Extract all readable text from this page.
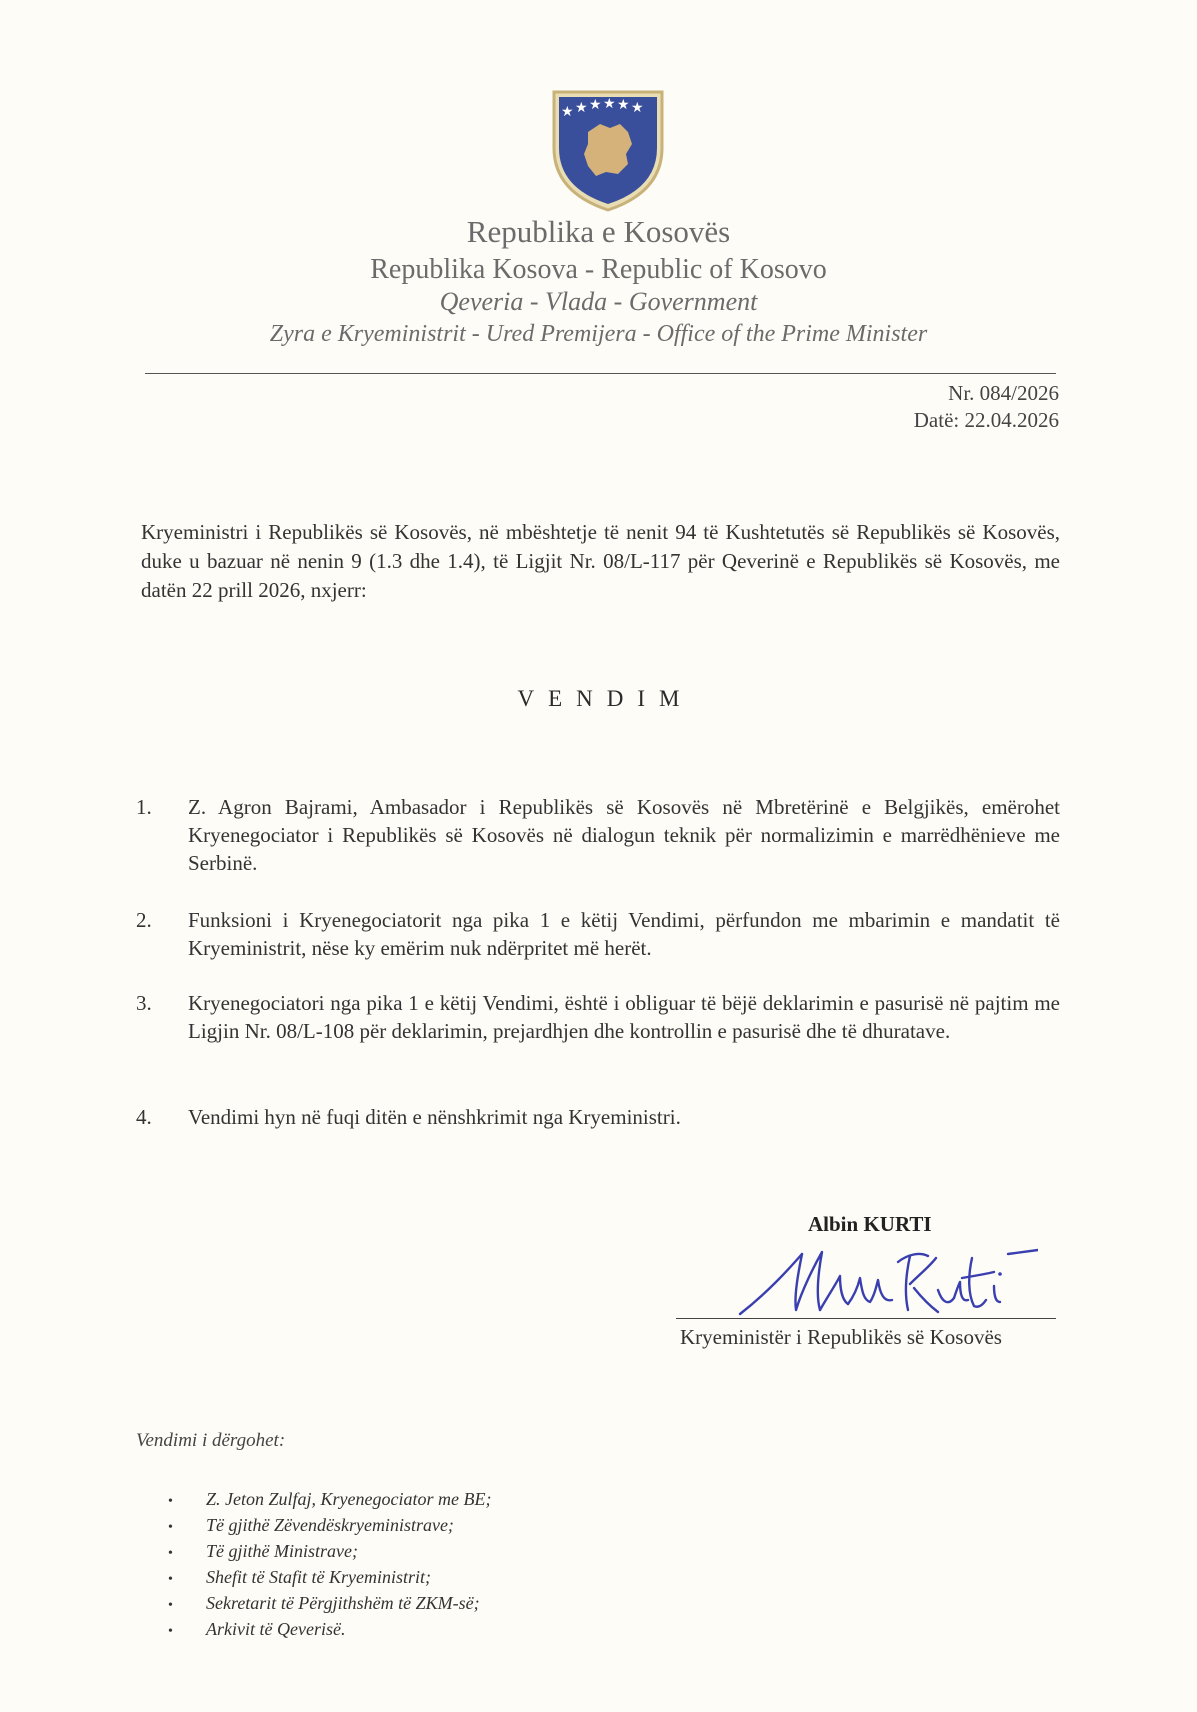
★ ★ ★ ★ ★ ★
Republika e Kosovës
Republika Kosova - Republic of Kosovo
Qeveria - Vlada - Government
Zyra e Kryeministrit - Ured Premijera - Office of the Prime Minister
Nr. 084/2026
Datë: 22.04.2026
Kryeministri i Republikës së Kosovës, në mbështetje të nenit 94 të Kushtetutës së Republikës së Kosovës, duke u bazuar në nenin 9 (1.3 dhe 1.4), të Ligjit Nr. 08/L-117 për Qeverinë e Republikës së Kosovës, me datën 22 prill 2026, nxjerr:
VENDIM
1.	Z. Agron Bajrami, Ambasador i Republikës së Kosovës në Mbretërinë e Belgjikës, emërohet Kryenegociator i Republikës së Kosovës në dialogun teknik për normalizimin e marrëdhënieve me Serbinë.
2.	Funksioni i Kryenegociatorit nga pika 1 e këtij Vendimi, përfundon me mbarimin e mandatit të Kryeministrit, nëse ky emërim nuk ndërpritet më herët.
3.	Kryenegociatori nga pika 1 e këtij Vendimi, është i obliguar të bëjë deklarimin e pasurisë në pajtim me Ligjin Nr. 08/L-108 për deklarimin, prejardhjen dhe kontrollin e pasurisë dhe të dhuratave.
4.	Vendimi hyn në fuqi ditën e nënshkrimit nga Kryeministri.
Albin KURTI
Kryeministër i Republikës së Kosovës
Vendimi i dërgohet:
• Z. Jeton Zulfaj, Kryenegociator me BE;
• Të gjithë Zëvendëskryeministrave;
• Të gjithë Ministrave;
• Shefit të Stafit të Kryeministrit;
• Sekretarit të Përgjithshëm të ZKM-së;
• Arkivit të Qeverisë.
